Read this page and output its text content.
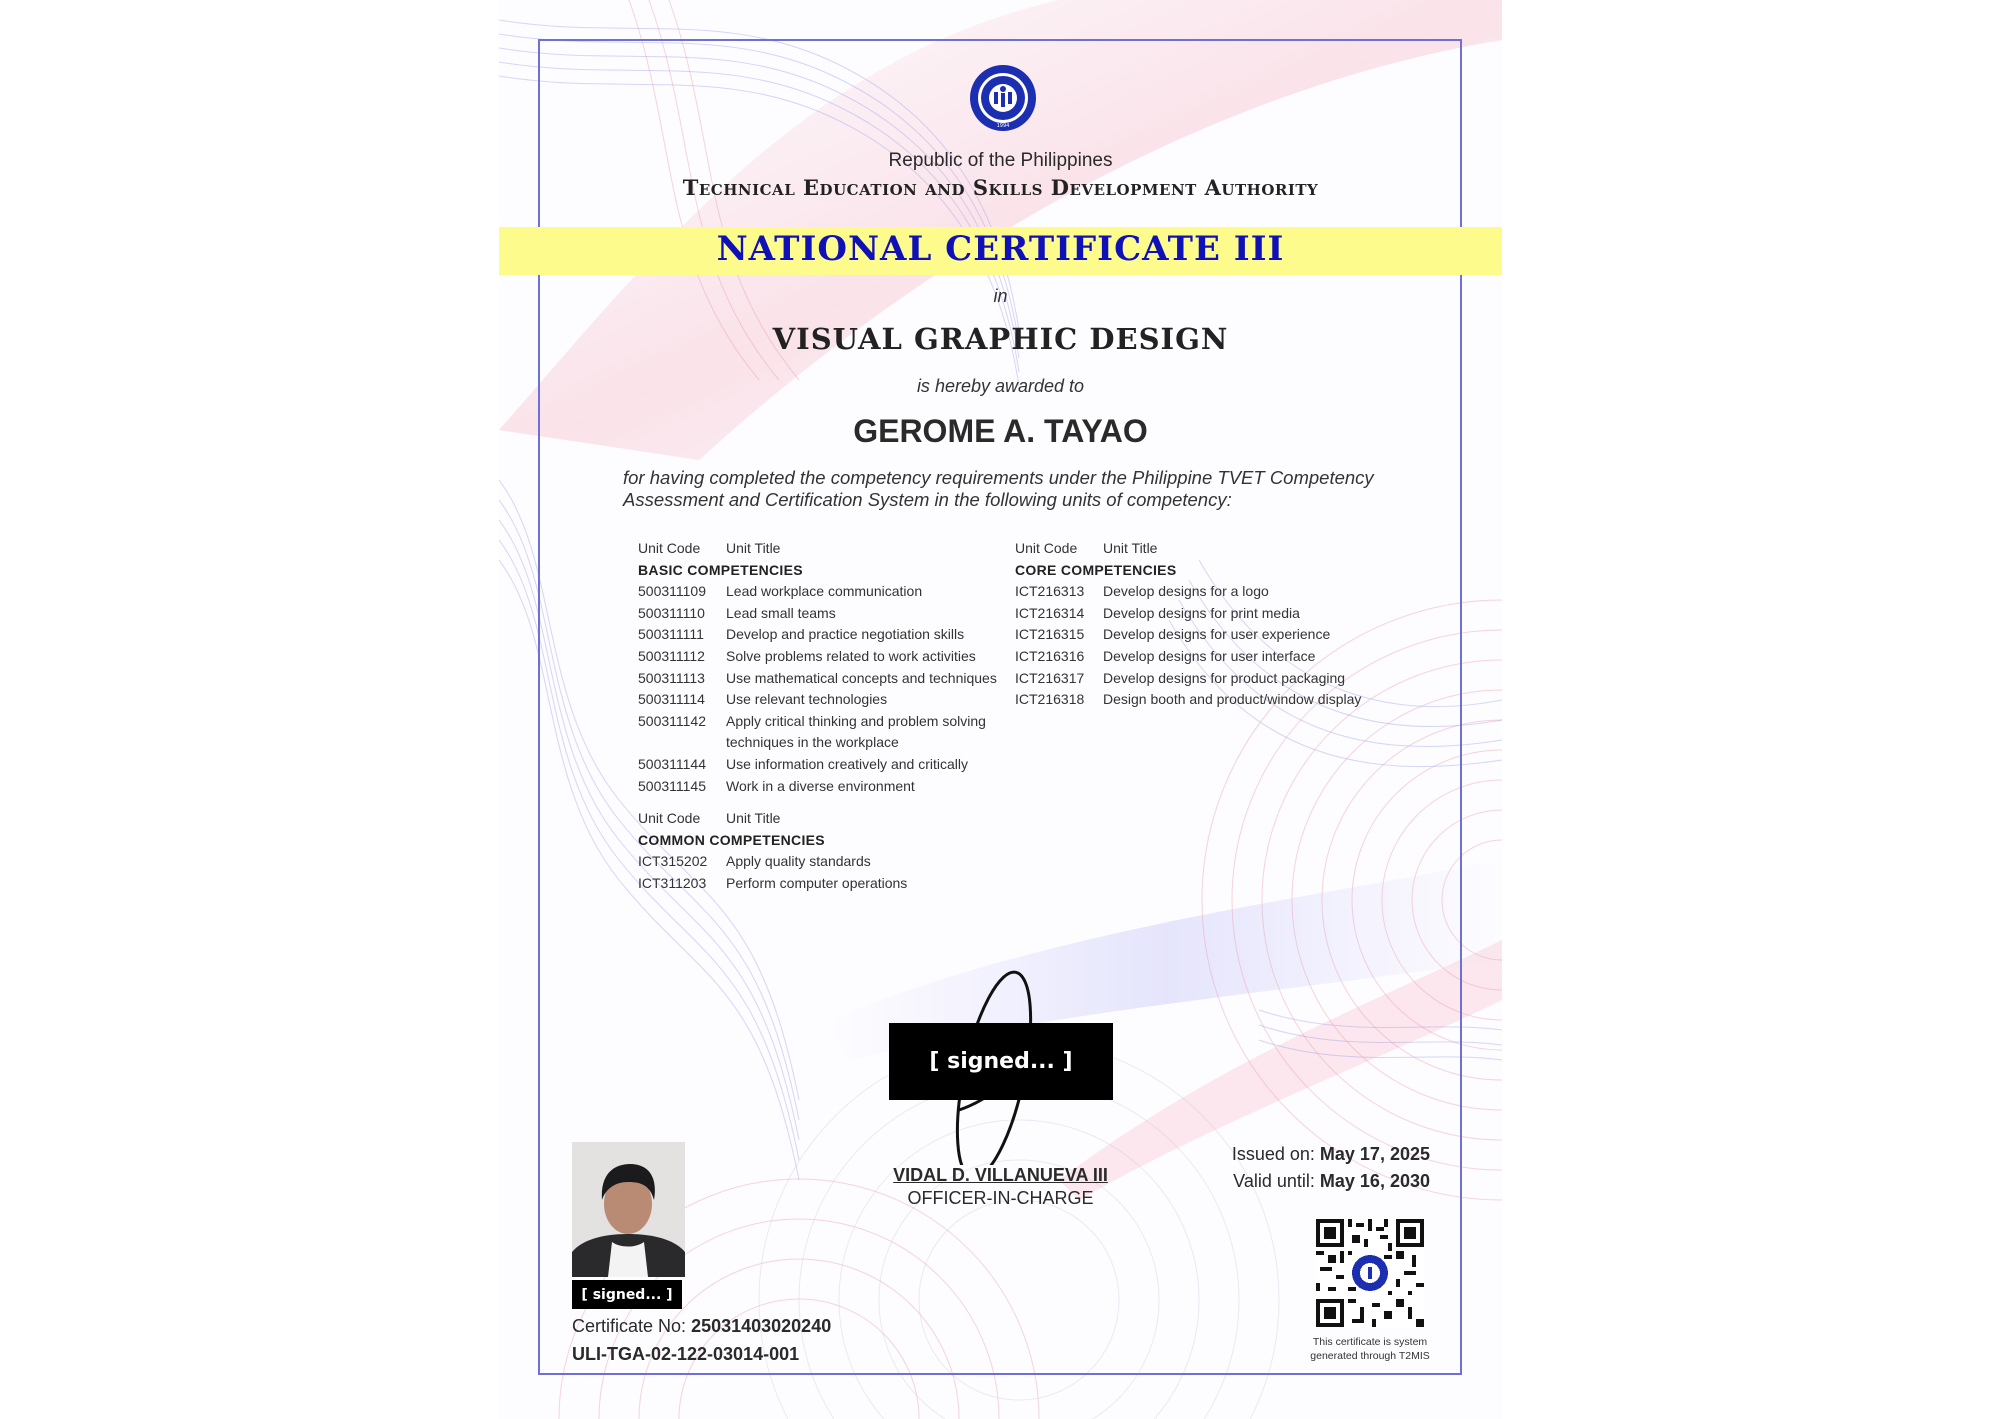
1994
Republic of the Philippines
Technical Education and Skills Development Authority
NATIONAL CERTIFICATE III
in
VISUAL GRAPHIC DESIGN
is hereby awarded to
GEROME A. TAYAO
for having completed the competency requirements under the Philippine TVET Competency Assessment and Certification System in the following units of competency:
Unit Code	Unit Title
BASIC COMPETENCIES
500311109	Lead workplace communication
500311110	Lead small teams
500311111	Develop and practice negotiation skills
500311112	Solve problems related to work activities
500311113	Use mathematical concepts and techniques
500311114	Use relevant technologies
500311142	Apply critical thinking and problem solving techniques in the workplace
500311144	Use information creatively and critically
500311145	Work in a diverse environment
Unit Code	Unit Title
CORE COMPETENCIES
ICT216313	Develop designs for a logo
ICT216314	Develop designs for print media
ICT216315	Develop designs for user experience
ICT216316	Develop designs for user interface
ICT216317	Develop designs for product packaging
ICT216318	Design booth and product/window display
Unit Code	Unit Title
COMMON COMPETENCIES
ICT315202	Apply quality standards
ICT311203	Perform computer operations
[ signed... ]
VIDAL D. VILLANUEVA III
OFFICER-IN-CHARGE
[ signed... ]
Certificate No: 25031403020240
ULI-TGA-02-122-03014-001
Issued on: May 17, 2025
Valid until: May 16, 2030
This certificate is system generated through T2MIS
